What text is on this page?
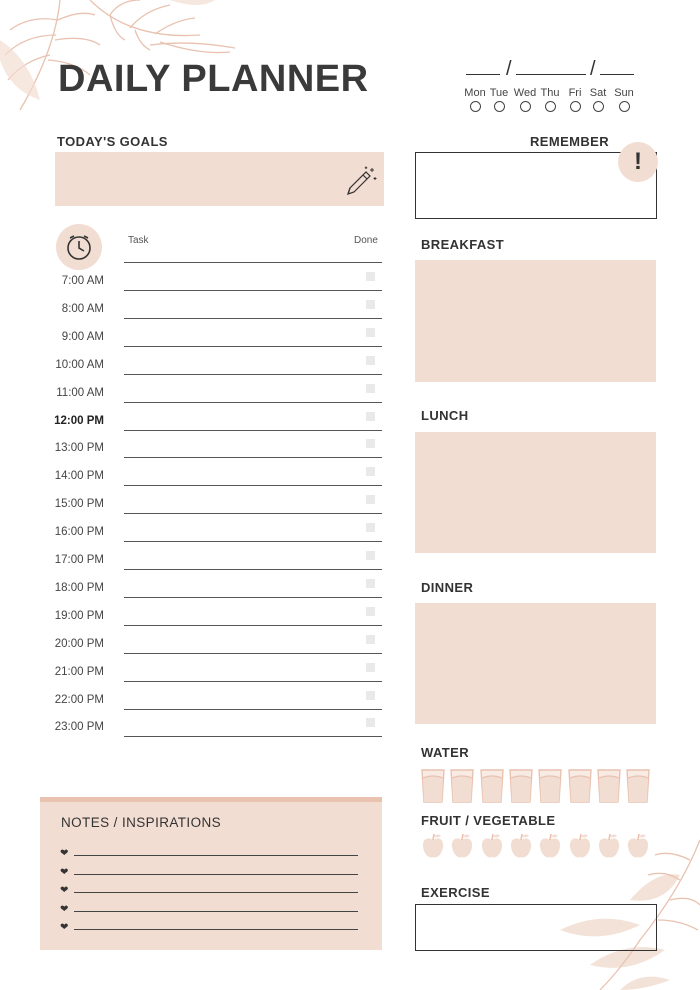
DAILY PLANNER	/	/
Mon Tue Wed Thu Fri Sat Sun
TODAY'S GOALS	REMEMBER
!
Task	Done
7:00 AM
8:00 AM
9:00 AM
10:00 AM
11:00 AM
12:00 PM
13:00 PM
14:00 PM
15:00 PM
16:00 PM
17:00 PM
18:00 PM
19:00 PM
20:00 PM
21:00 PM
22:00 PM
23:00 PM
BREAKFAST
LUNCH
DINNER
WATER
FRUIT / VEGETABLE
EXERCISE
NOTES / INSPIRATIONS
❤
❤
❤
❤
❤
